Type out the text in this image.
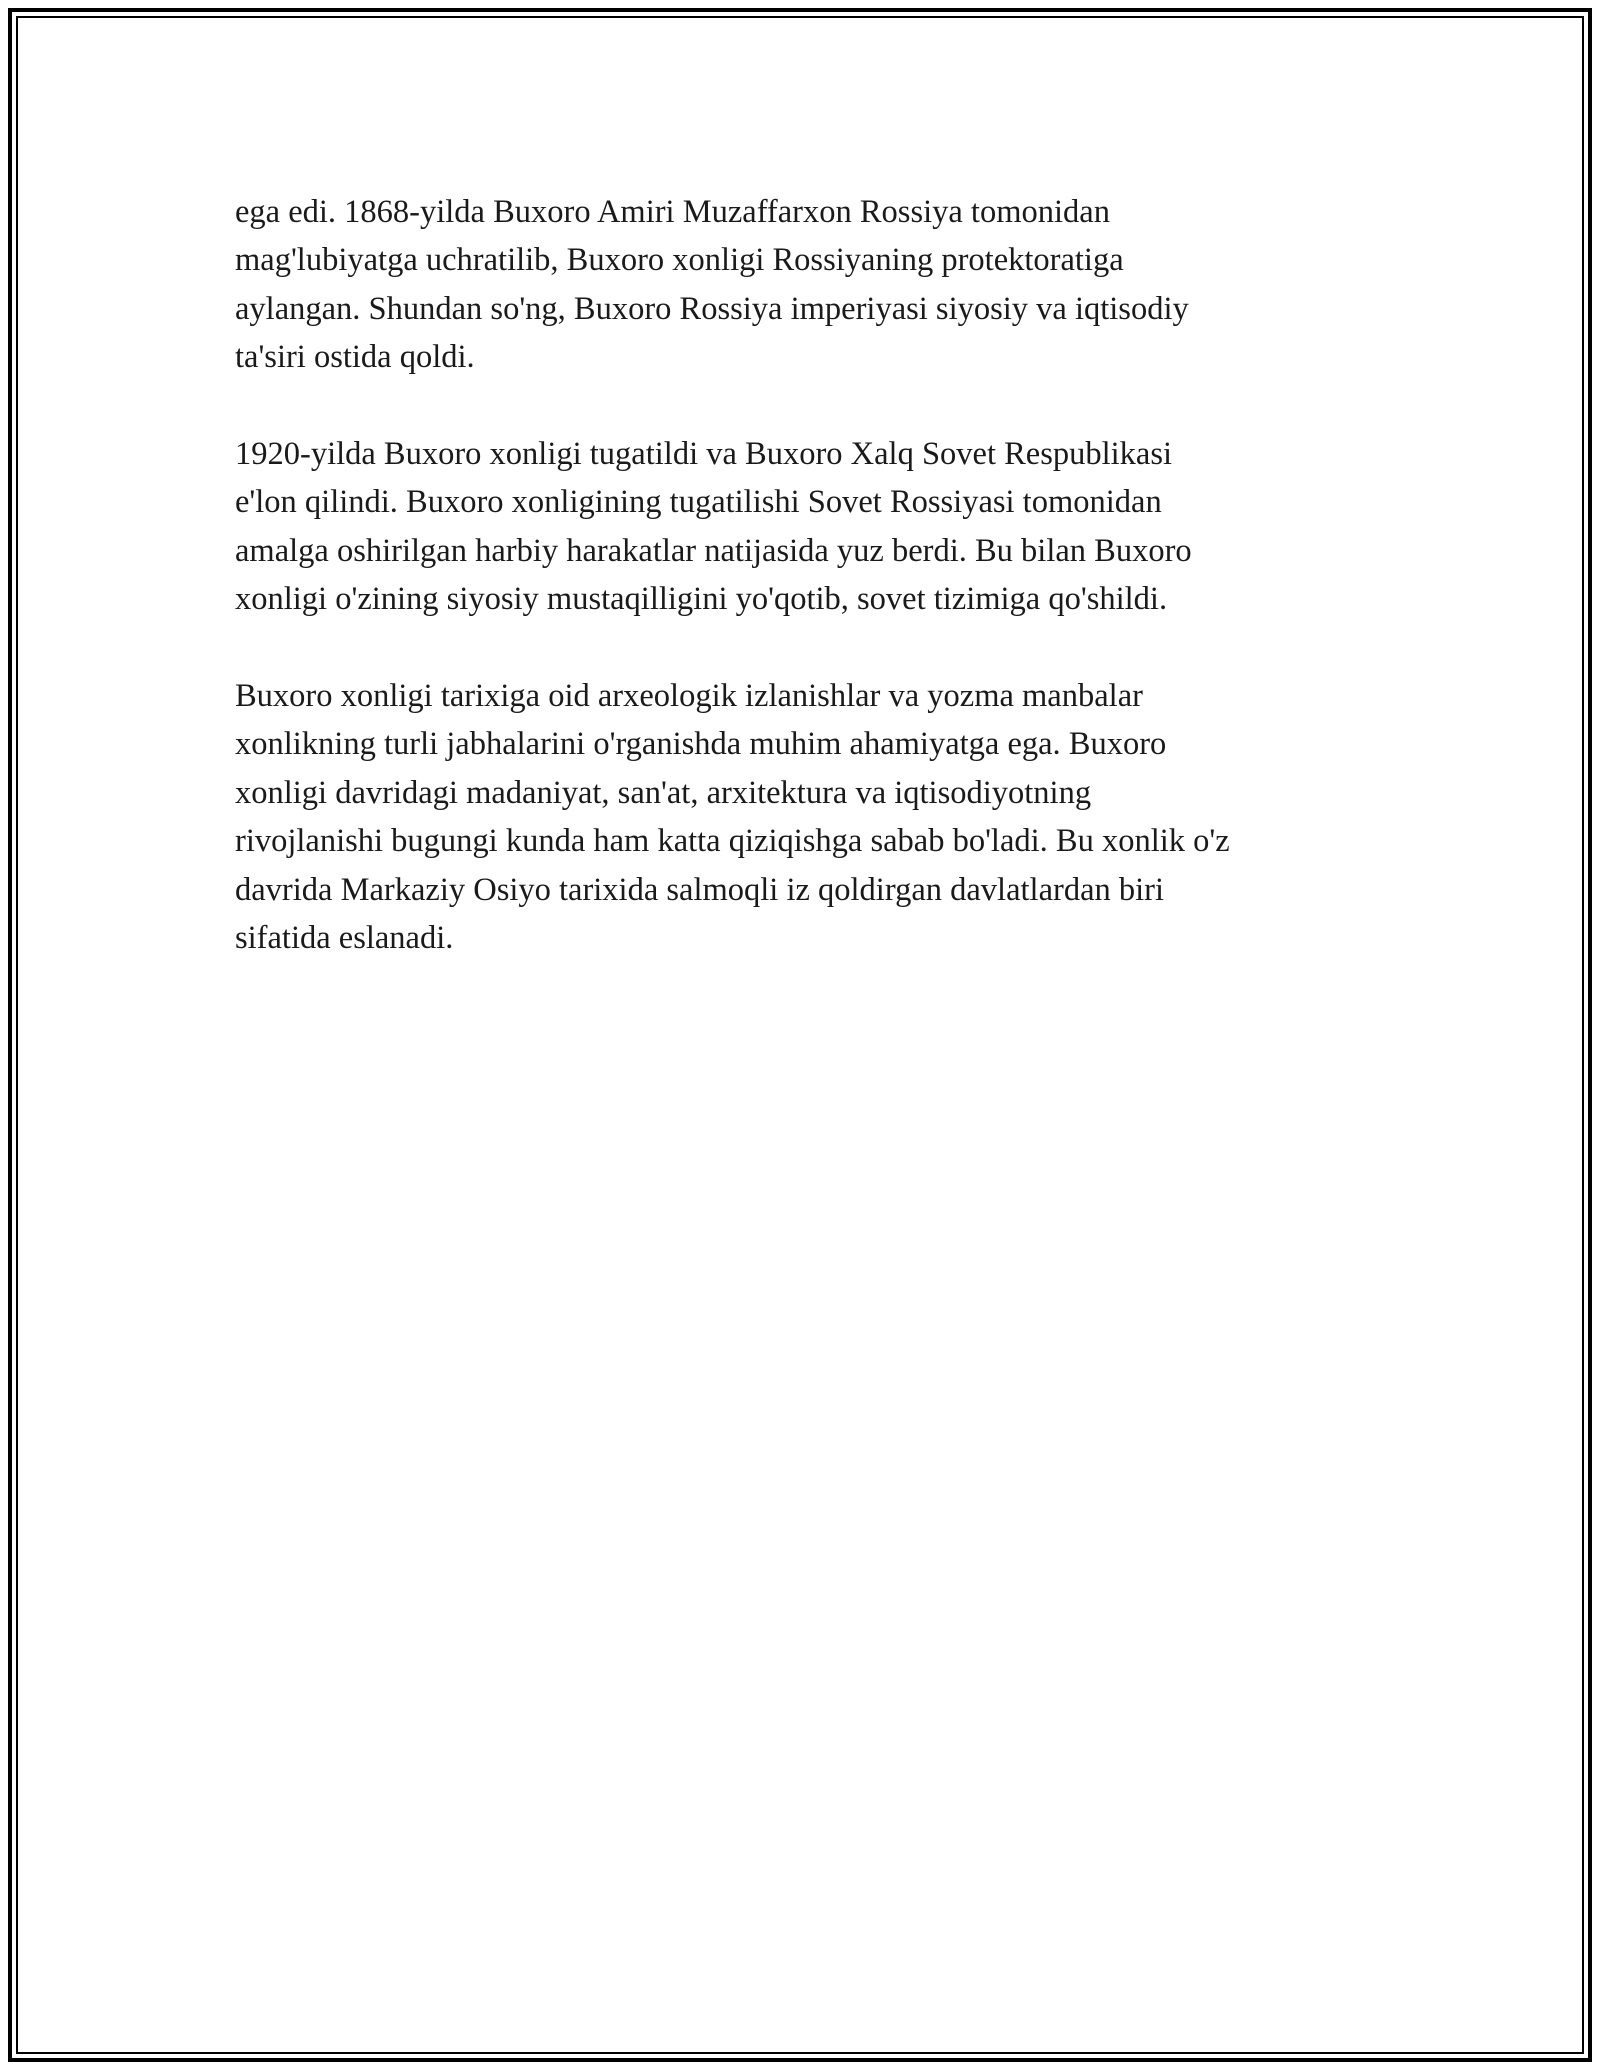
ega edi. 1868-yilda Buxoro Amiri Muzaffarxon Rossiya tomonidan
mag'lubiyatga uchratilib, Buxoro xonligi Rossiyaning protektoratiga
aylangan. Shundan so'ng, Buxoro Rossiya imperiyasi siyosiy va iqtisodiy
ta'siri ostida qoldi.

1920-yilda Buxoro xonligi tugatildi va Buxoro Xalq Sovet Respublikasi
e'lon qilindi. Buxoro xonligining tugatilishi Sovet Rossiyasi tomonidan
amalga oshirilgan harbiy harakatlar natijasida yuz berdi. Bu bilan Buxoro
xonligi o'zining siyosiy mustaqilligini yo'qotib, sovet tizimiga qo'shildi.

Buxoro xonligi tarixiga oid arxeologik izlanishlar va yozma manbalar
xonlikning turli jabhalarini o'rganishda muhim ahamiyatga ega. Buxoro
xonligi davridagi madaniyat, san'at, arxitektura va iqtisodiyotning
rivojlanishi bugungi kunda ham katta qiziqishga sabab bo'ladi. Bu xonlik o'z
davrida Markaziy Osiyo tarixida salmoqli iz qoldirgan davlatlardan biri
sifatida eslanadi.
